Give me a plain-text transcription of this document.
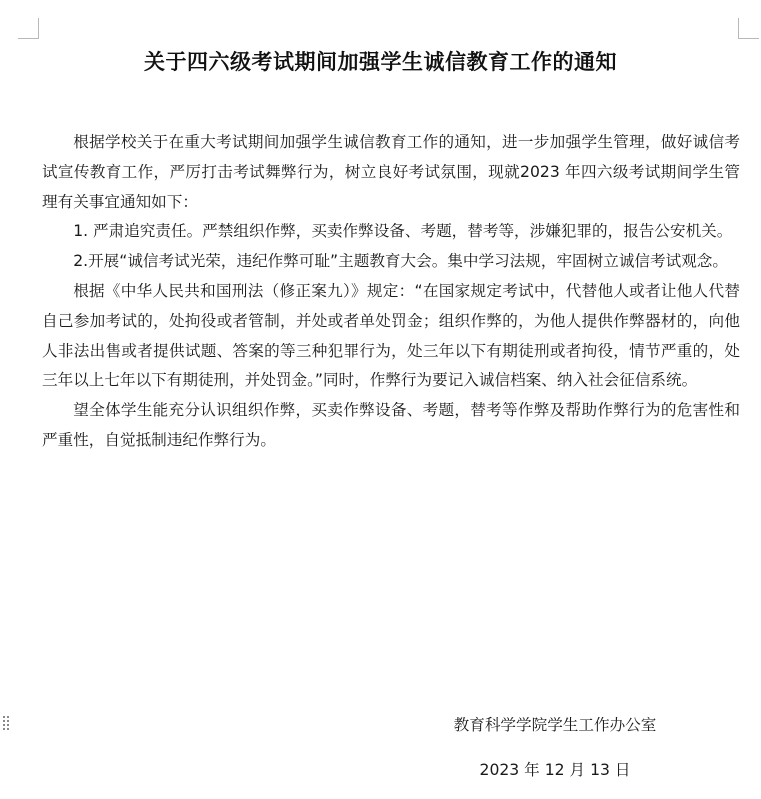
关于四六级考试期间加强学生诚信教育工作的通知

根据学校关于在重大考试期间加强学生诚信教育工作的通知，进一步加强学生管理，做好诚信考试宣传教育工作，严厉打击考试舞弊行为，树立良好考试氛围，现就2023 年四六级考试期间学生管理有关事宜通知如下：

1. 严肃追究责任。严禁组织作弊，买卖作弊设备、考题，替考等，涉嫌犯罪的，报告公安机关。

2.开展“诚信考试光荣，违纪作弊可耻”主题教育大会。集中学习法规，牢固树立诚信考试观念。

根据《中华人民共和国刑法（修正案九）》规定：“在国家规定考试中，代替他人或者让他人代替自己参加考试的，处拘役或者管制，并处或者单处罚金；组织作弊的，为他人提供作弊器材的，向他人非法出售或者提供试题、答案的等三种犯罪行为，处三年以下有期徒刑或者拘役，情节严重的，处三年以上七年以下有期徒刑，并处罚金。”同时，作弊行为要记入诚信档案、纳入社会征信系统。

望全体学生能充分认识组织作弊，买卖作弊设备、考题，替考等作弊及帮助作弊行为的危害性和严重性，自觉抵制违纪作弊行为。

教育科学学院学生工作办公室
2023 年 12 月 13 日
